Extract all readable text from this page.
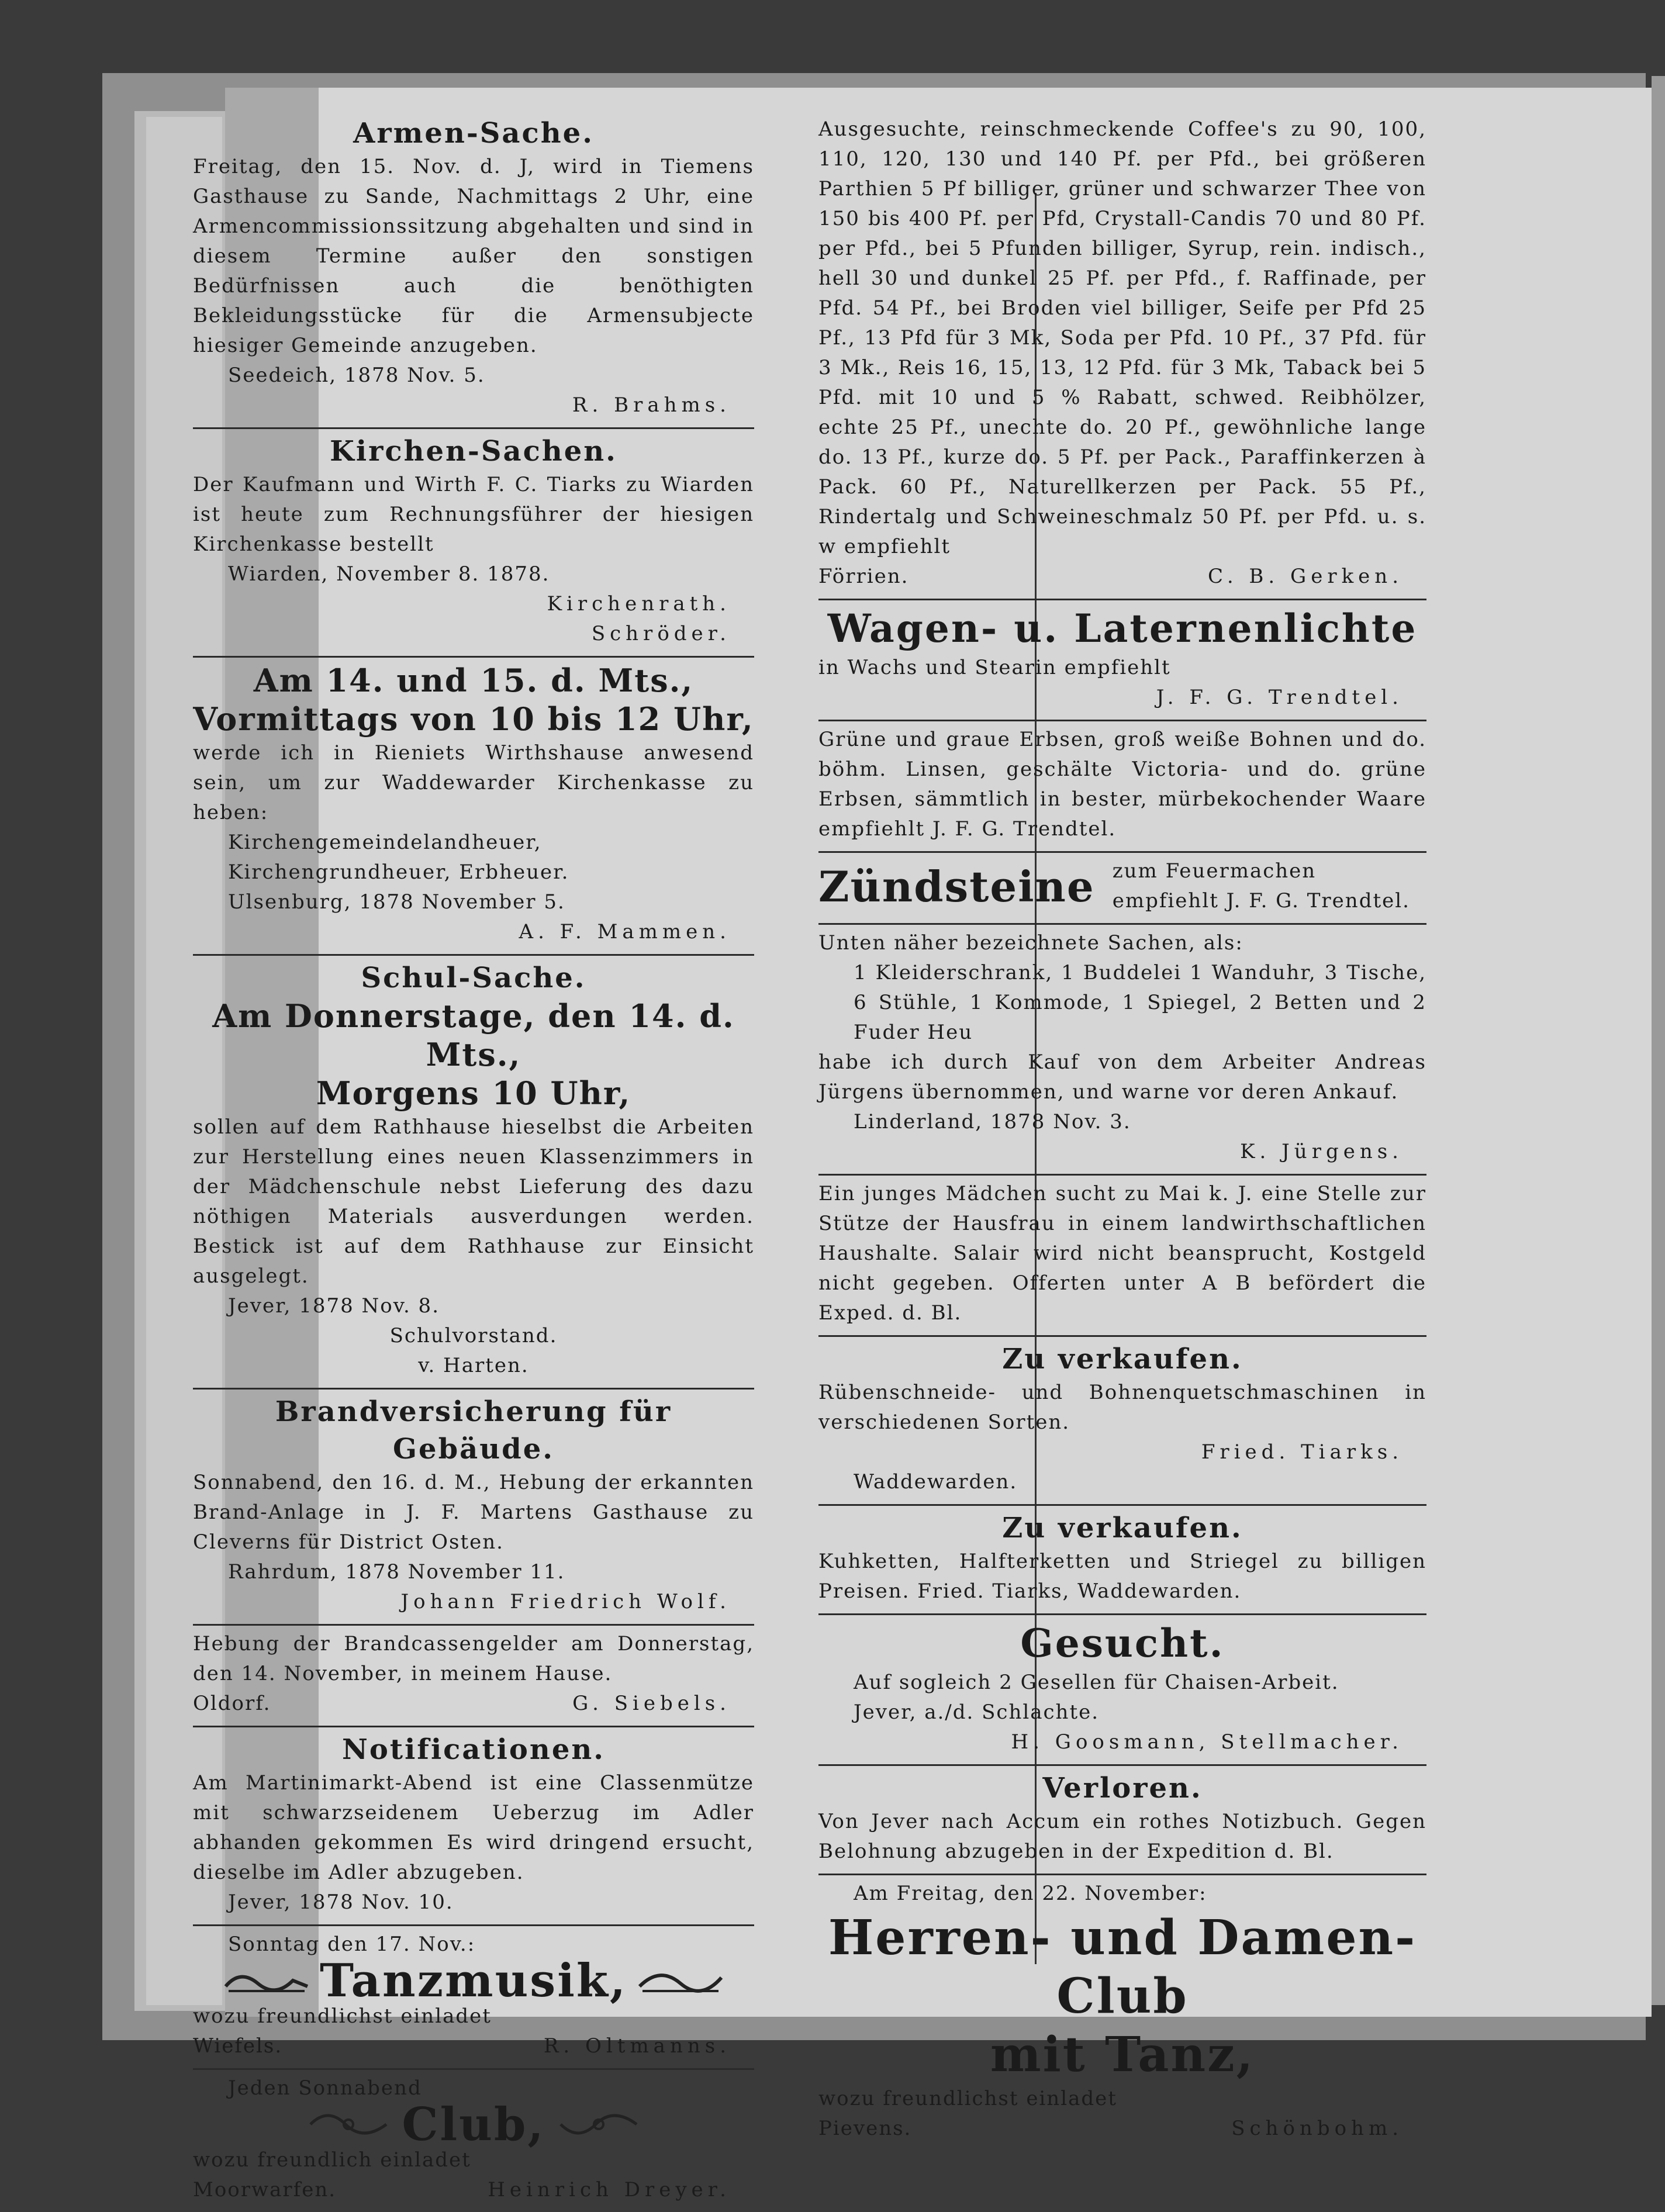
Armen-Sache.

Freitag, den 15. Nov. d. J, wird in Tiemens Gasthause zu Sande, Nachmittags 2 Uhr, eine Armencommissionssitzung abgehalten und sind in diesem Termine außer den sonstigen Bedürfnissen auch die benöthigten Bekleidungsstücke für die Armensubjecte hiesiger Gemeinde anzugeben.

Seedeich, 1878 Nov. 5.

R. Brahms.
Kirchen-Sachen.

Der Kaufmann und Wirth F. C. Tiarks zu Wiarden ist heute zum Rechnungsführer der hiesigen Kirchenkasse bestellt

Wiarden, November 8. 1878.

Kirchenrath.
Schröder.
Am 14. und 15. d. Mts.,
Vormittags von 10 bis 12 Uhr,

werde ich in Rieniets Wirthshause anwesend sein, um zur Waddewarder Kirchenkasse zu heben:

Kirchengemeindelandheuer, Kirchengrundheuer, Erbheuer.

Ulsenburg, 1878 November 5.

A. F. Mammen.
Schul-Sache.
Am Donnerstage, den 14. d. Mts.,
Morgens 10 Uhr,

sollen auf dem Rathhause hieselbst die Arbeiten zur Herstellung eines neuen Klassenzimmers in der Mädchenschule nebst Lieferung des dazu nöthigen Materials ausverdungen werden. Bestick ist auf dem Rathhause zur Einsicht ausgelegt.

Jever, 1878 Nov. 8.

Schulvorstand.
v. Harten.
Brandversicherung für Gebäude.

Sonnabend, den 16. d. M., Hebung der erkannten Brand-Anlage in J. F. Martens Gasthause zu Cleverns für District Osten.

Rahrdum, 1878 November 11.

Johann Friedrich Wolf.

Hebung der Brandcassengelder am Donnerstag, den 14. November, in meinem Hause.

Oldorf.	G. Siebels.
Notificationen.

Am Martinimarkt-Abend ist eine Classenmütze mit schwarzseidenem Ueberzug im Adler abhanden gekommen Es wird dringend ersucht, dieselbe im Adler abzugeben.

Jever, 1878 Nov. 10.

Sonntag den 17. Nov.:

Tanzmusik,

wozu freundlichst einladet

Wiefels.	R. Oltmanns.

Jeden Sonnabend

Club,

wozu freundlich einladet

Moorwarfen.	Heinrich Dreyer.

Ausgesuchte, reinschmeckende Coffee's zu 90, 100, 110, 120, 130 und 140 Pf. per Pfd., bei größeren Parthien 5 Pf billiger, grüner und schwarzer Thee von 150 bis 400 Pf. per Pfd, Crystall-Candis 70 und 80 Pf. per Pfd., bei 5 Pfunden billiger, Syrup, rein. indisch., hell 30 und dunkel 25 Pf. per Pfd., f. Raffinade, per Pfd. 54 Pf., bei Broden viel billiger, Seife per Pfd 25 Pf., 13 Pfd für 3 Mk, Soda per Pfd. 10 Pf., 37 Pfd. für 3 Mk., Reis 16, 15, 13, 12 Pfd. für 3 Mk, Taback bei 5 Pfd. mit 10 und 5 % Rabatt, schwed. Reibhölzer, echte 25 Pf., unechte do. 20 Pf., gewöhnliche lange do. 13 Pf., kurze do. 5 Pf. per Pack., Paraffinkerzen à Pack. 60 Pf., Naturellkerzen per Pack. 55 Pf., Rindertalg und Schweineschmalz 50 Pf. per Pfd. u. s. w empfiehlt

Förrien.	C. B. Gerken.
Wagen- u. Laternenlichte

in Wachs und Stearin empfiehlt

J. F. G. Trendtel.

Grüne und graue Erbsen, groß weiße Bohnen und do. böhm. Linsen, geschälte Victoria- und do. grüne Erbsen, sämmtlich in bester, mürbekochender Waare empfiehlt J. F. G. Trendtel.

Zündsteine zum Feuermachen empfiehlt J. F. G. Trendtel.

Unten näher bezeichnete Sachen, als:

1 Kleiderschrank, 1 Buddelei 1 Wanduhr, 3 Tische, 6 Stühle, 1 Kommode, 1 Spiegel, 2 Betten und 2 Fuder Heu

habe ich durch Kauf von dem Arbeiter Andreas Jürgens übernommen, und warne vor deren Ankauf.

Linderland, 1878 Nov. 3.

K. Jürgens.

Ein junges Mädchen sucht zu Mai k. J. eine Stelle zur Stütze der Hausfrau in einem landwirthschaftlichen Haushalte. Salair wird nicht beansprucht, Kostgeld nicht gegeben. Offerten unter A B befördert die Exped. d. Bl.

Zu verkaufen.

Rübenschneide- und Bohnenquetschmaschinen in verschiedenen Sorten.

Fried. Tiarks.

Waddewarden.

Zu verkaufen.

Kuhketten, Halfterketten und Striegel zu billigen Preisen. Fried. Tiarks, Waddewarden.

Gesucht.

Auf sogleich 2 Gesellen für Chaisen-Arbeit.

Jever, a./d. Schlachte.

H. Goosmann, Stellmacher.
Verloren.

Von Jever nach Accum ein rothes Notizbuch. Gegen Belohnung abzugeben in der Expedition d. Bl.

Am Freitag, den 22. November:

Herren- und Damen-Club
mit Tanz,

wozu freundlichst einladet

Pievens.	Schönbohm.
